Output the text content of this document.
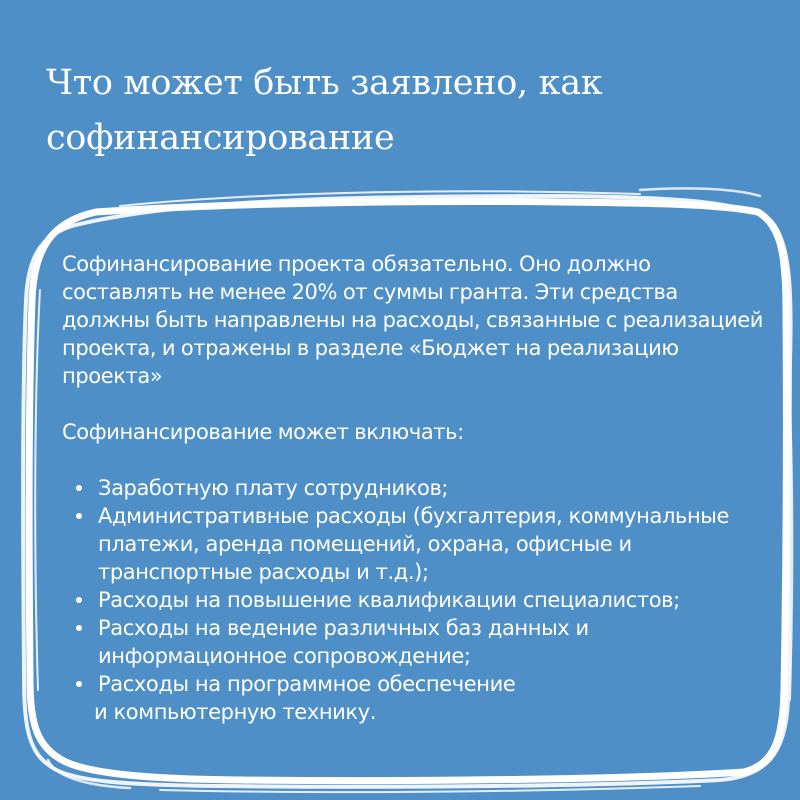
Что может быть заявлено, как софинансирование

Софинансирование проекта обязательно. Оно должно составлять не менее 20% от суммы гранта. Эти средства должны быть направлены на расходы, связанные с реализацией проекта, и отражены в разделе «Бюджет на реализацию проекта»

Софинансирование может включать:

Заработную плату сотрудников;
Административные расходы (бухгалтерия, коммунальные платежи, аренда помещений, охрана, офисные и транспортные расходы и т.д.);
Расходы на повышение квалификации специалистов;
Расходы на ведение различных баз данных и информационное сопровождение;
Расходы на программное обеспечение
и компьютерную технику.
